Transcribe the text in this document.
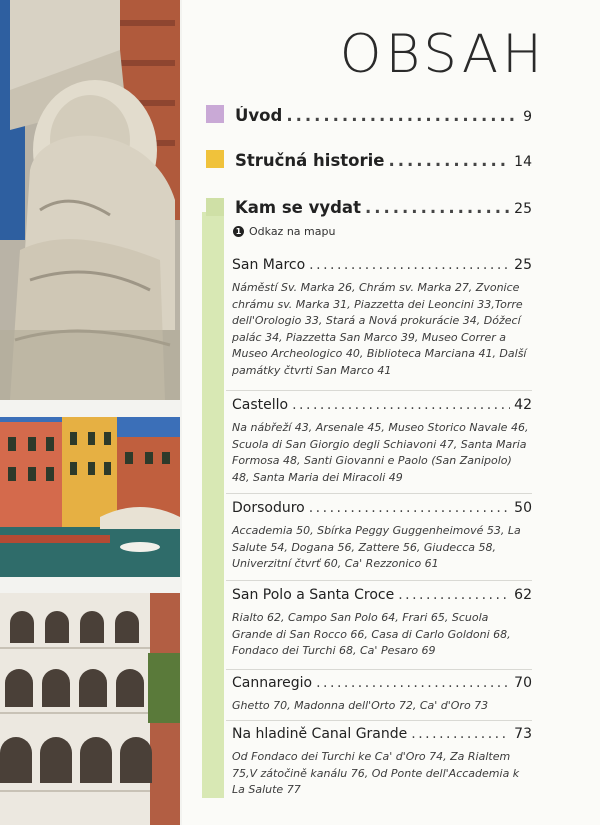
OBSAH
Úvod .....	9
Stručná historie .....	14
Kam se vydat .....	25
1 Odkaz na mapu
San Marco .....	25
Náměstí Sv. Marka 26, Chrám sv. Marka 27, Zvonice chrámu sv. Marka 31, Piazzetta dei Leoncini 33,Torre dell'Orologio 33, Stará a Nová prokurácie 34, Dóžecí palác 34, Piazzetta San Marco 39, Museo Correr a Museo Archeologico 40, Biblioteca Marciana 41, Další památky čtvrti San Marco 41
Castello .....	42
Na nábřeží 43, Arsenale 45, Museo Storico Navale 46, Scuola di San Giorgio degli Schiavoni 47, Santa Maria Formosa 48, Santi Giovanni e Paolo (San Zanipolo) 48, Santa Maria dei Miracoli 49
Dorsoduro .....	50
Accademia 50, Sbírka Peggy Guggenheimové 53, La Salute 54, Dogana 56, Zattere 56, Giudecca 58, Univerzitní čtvrť 60, Ca' Rezzonico 61
San Polo a Santa Croce .....	62
Rialto 62, Campo San Polo 64, Frari 65, Scuola Grande di San Rocco 66, Casa di Carlo Goldoni 68, Fondaco dei Turchi 68, Ca' Pesaro 69
Cannaregio .....	70
Ghetto 70, Madonna dell'Orto 72, Ca' d'Oro 73
Na hladině Canal Grande .....	73
Od Fondaco dei Turchi ke Ca' d'Oro 74, Za Rialtem 75,V zátočině kanálu 76, Od Ponte dell'Accademia k La Salute 77
